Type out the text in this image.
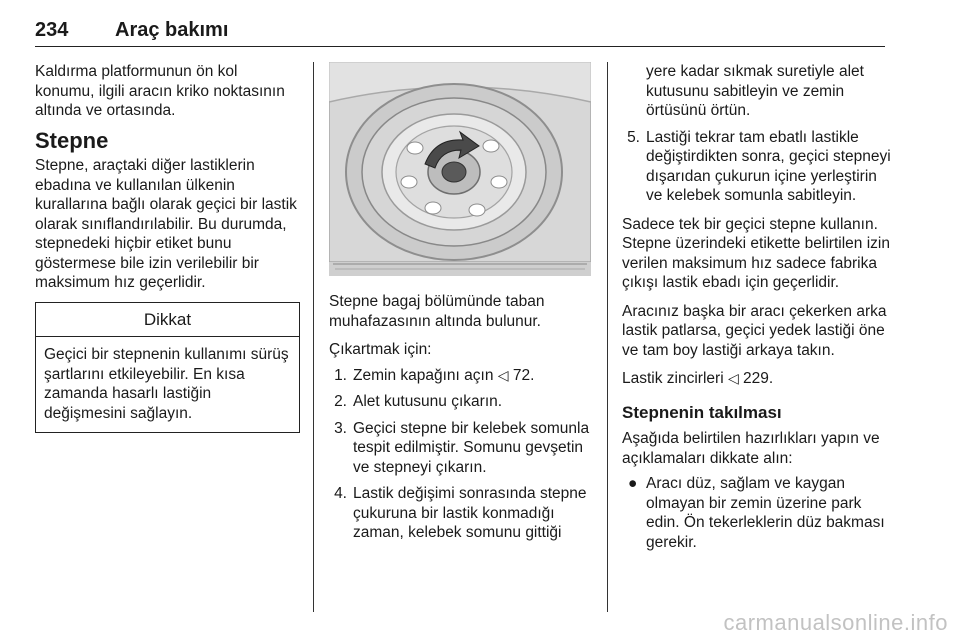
234 Araç bakımı

Kaldırma platformunun ön kol konumu, ilgili aracın kriko noktasının altında ve ortasında.

Stepne

Stepne, araçtaki diğer lastiklerin ebadına ve kullanılan ülkenin kurallarına bağlı olarak geçici bir lastik olarak sınıflandırılabilir. Bu durumda, stepnedeki hiçbir etiket bunu göstermese bile izin verilebilir bir maksimum hız geçerlidir.

Dikkat
Geçici bir stepnenin kullanımı sürüş şartlarını etkileyebilir. En kısa zamanda hasarlı lastiğin değişmesini sağlayın.

Stepne bagaj bölümünde taban muhafazasının altında bulunur.

Çıkartmak için:

1. Zemin kapağını açın ◁ 72.
2. Alet kutusunu çıkarın.
3. Geçici stepne bir kelebek somunla tespit edilmiştir. Somunu gevşetin ve stepneyi çıkarın.
4. Lastik değişimi sonrasında stepne çukuruna bir lastik konmadığı zaman, kelebek somunu gittiği
yere kadar sıkmak suretiyle alet kutusunu sabitleyin ve zemin örtüsünü örtün.
5. Lastiği tekrar tam ebatlı lastikle değiştirdikten sonra, geçici stepneyi dışarıdan çukurun içine yerleştirin ve kelebek somunla sabitleyin.

Sadece tek bir geçici stepne kullanın. Stepne üzerindeki etikette belirtilen izin verilen maksimum hız sadece fabrika çıkışı lastik ebadı için geçerlidir.

Aracınız başka bir aracı çekerken arka lastik patlarsa, geçici yedek lastiği öne ve tam boy lastiği arkaya takın.

Lastik zincirleri ◁ 229.

Stepnenin takılması

Aşağıda belirtilen hazırlıkları yapın ve açıklamaları dikkate alın:

● Aracı düz, sağlam ve kaygan olmayan bir zemin üzerine park edin. Ön tekerleklerin düz bakması gerekir.
carmanualsonline.info
